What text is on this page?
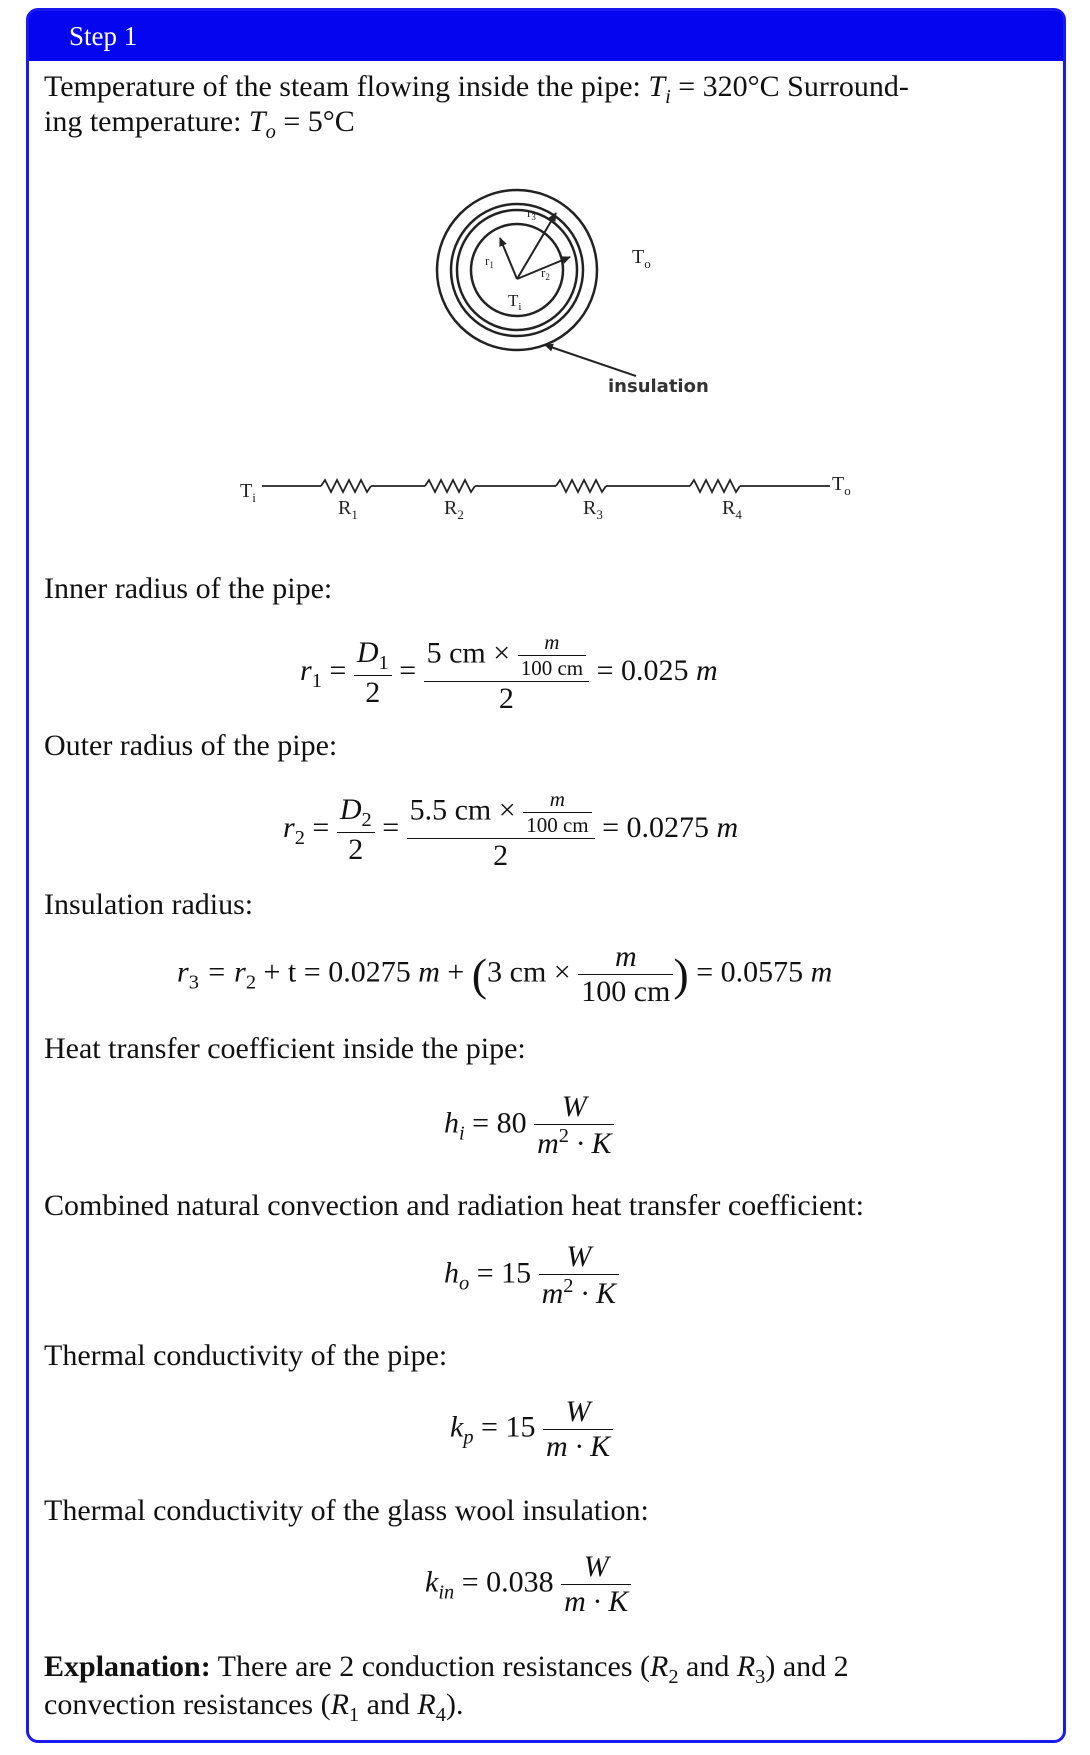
Step 1
Temperature of the steam flowing inside the pipe: $T_i = 320^\circ C$ Surround-
ing temperature: $T_o = 5^\circ C$
$r_1$	$r_2$
$r_3$
$T_i$
$T_o$
insulation
$T_i$
$T_o$
$R_1$	$R_2$	$R_3$	$R_4$
Inner radius of the pipe:
$r_1 = \frac{D_1}{2} = \frac{5 cm \times \frac{m}{100 cm}}{2} = 0.025$ m
Outer radius of the pipe:
$r_2 = \frac{D_2}{2} = \frac{5.5 cm \times \frac{m}{100 cm}}{2} = 0.0275$ m
Insulation radius:
$r_3 = r_2 + t = 0.0275$ m + (3 cm × $\frac{m}{100 cm}$ ) = 0.0575 m
Heat transfer coefficient inside the pipe:
$h_i = 80 \frac{W}{m^2 \cdot K}$
Combined natural convection and radiation heat transfer coefficient:
$h_o = 15 \frac{W}{m^2 \cdot K}$
Thermal conductivity of the pipe:
$k_p = 15 \frac{W}{m \cdot K}$
Thermal conductivity of the glass wool insulation:
$k_{in} = 0.038 \frac{W}{m \cdot K}$
Explanation: There are 2 conduction resistances ($R_2$ and $R_3$) and 2
convection resistances ($R_1$ and $R_4$).
